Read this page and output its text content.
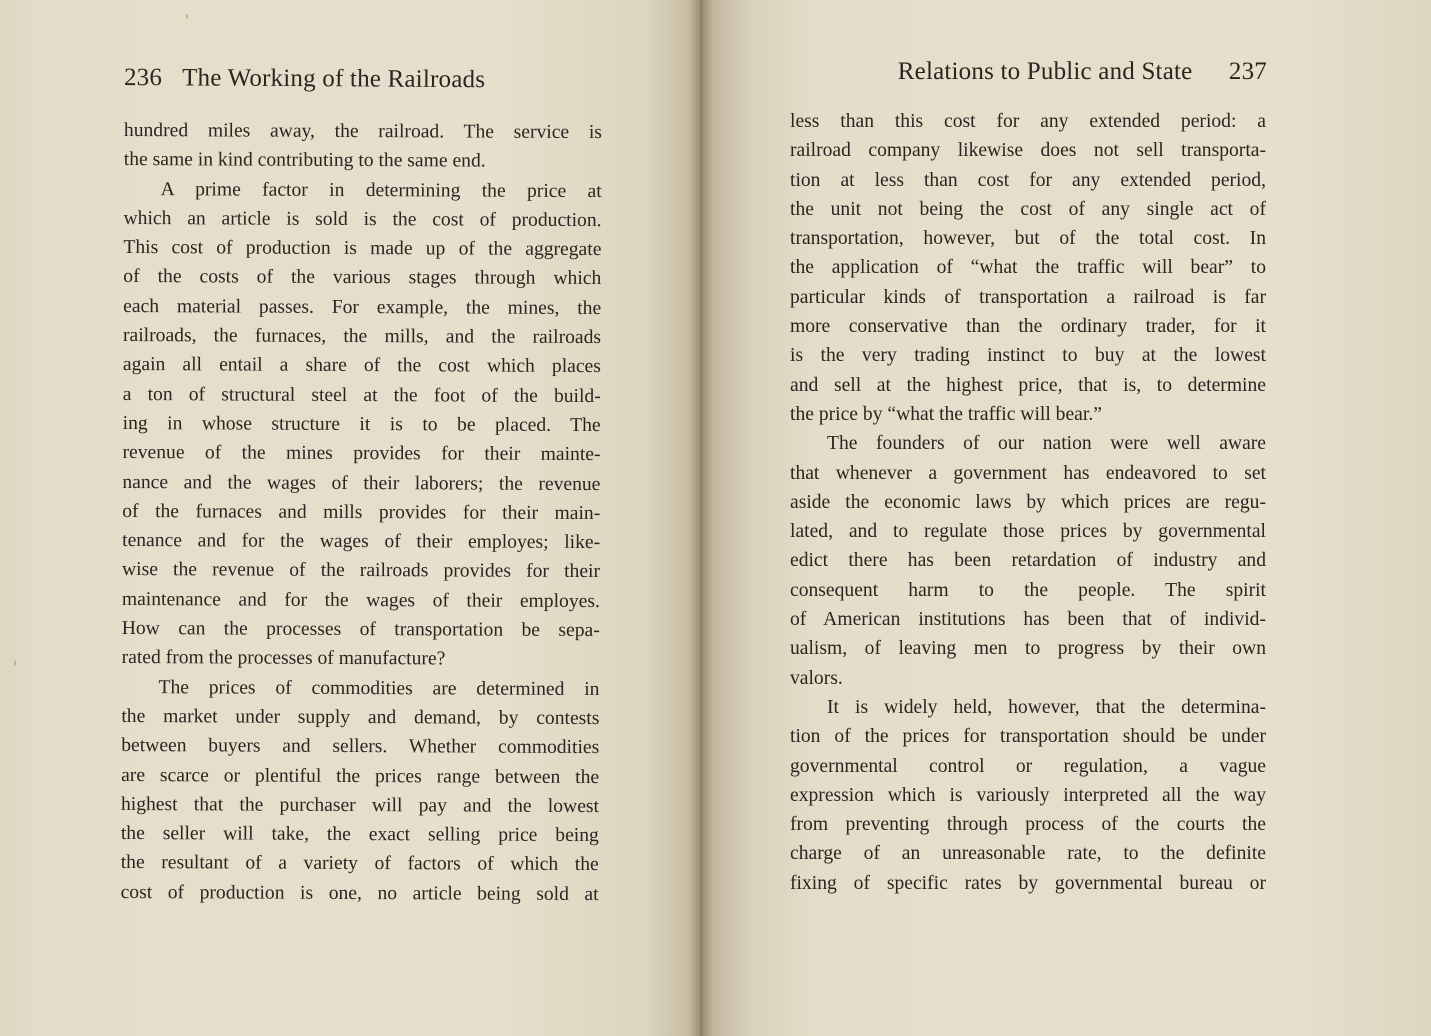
236 The Working of the Railroads	Relations to Public and State 237
hundred miles away, the railroad. The service is
the same in kind contributing to the same end.
A prime factor in determining the price at
which an article is sold is the cost of production.
This cost of production is made up of the aggregate
of the costs of the various stages through which
each material passes. For example, the mines, the
railroads, the furnaces, the mills, and the railroads
again all entail a share of the cost which places
a ton of structural steel at the foot of the build-
ing in whose structure it is to be placed. The
revenue of the mines provides for their mainte-
nance and the wages of their laborers; the revenue
of the furnaces and mills provides for their main-
tenance and for the wages of their employes; like-
wise the revenue of the railroads provides for their
maintenance and for the wages of their employes.
How can the processes of transportation be sepa-
rated from the processes of manufacture?
The prices of commodities are determined in
the market under supply and demand, by contests
between buyers and sellers. Whether commodities
are scarce or plentiful the prices range between the
highest that the purchaser will pay and the lowest
the seller will take, the exact selling price being
the resultant of a variety of factors of which the
cost of production is one, no article being sold at
less than this cost for any extended period: a
railroad company likewise does not sell transporta-
tion at less than cost for any extended period,
the unit not being the cost of any single act of
transportation, however, but of the total cost. In
the application of “what the traffic will bear” to
particular kinds of transportation a railroad is far
more conservative than the ordinary trader, for it
is the very trading instinct to buy at the lowest
and sell at the highest price, that is, to determine
the price by “what the traffic will bear.”
The founders of our nation were well aware
that whenever a government has endeavored to set
aside the economic laws by which prices are regu-
lated, and to regulate those prices by governmental
edict there has been retardation of industry and
consequent harm to the people. The spirit
of American institutions has been that of individ-
ualism, of leaving men to progress by their own
valors.
It is widely held, however, that the determina-
tion of the prices for transportation should be under
governmental control or regulation, a vague
expression which is variously interpreted all the way
from preventing through process of the courts the
charge of an unreasonable rate, to the definite
fixing of specific rates by governmental bureau or
